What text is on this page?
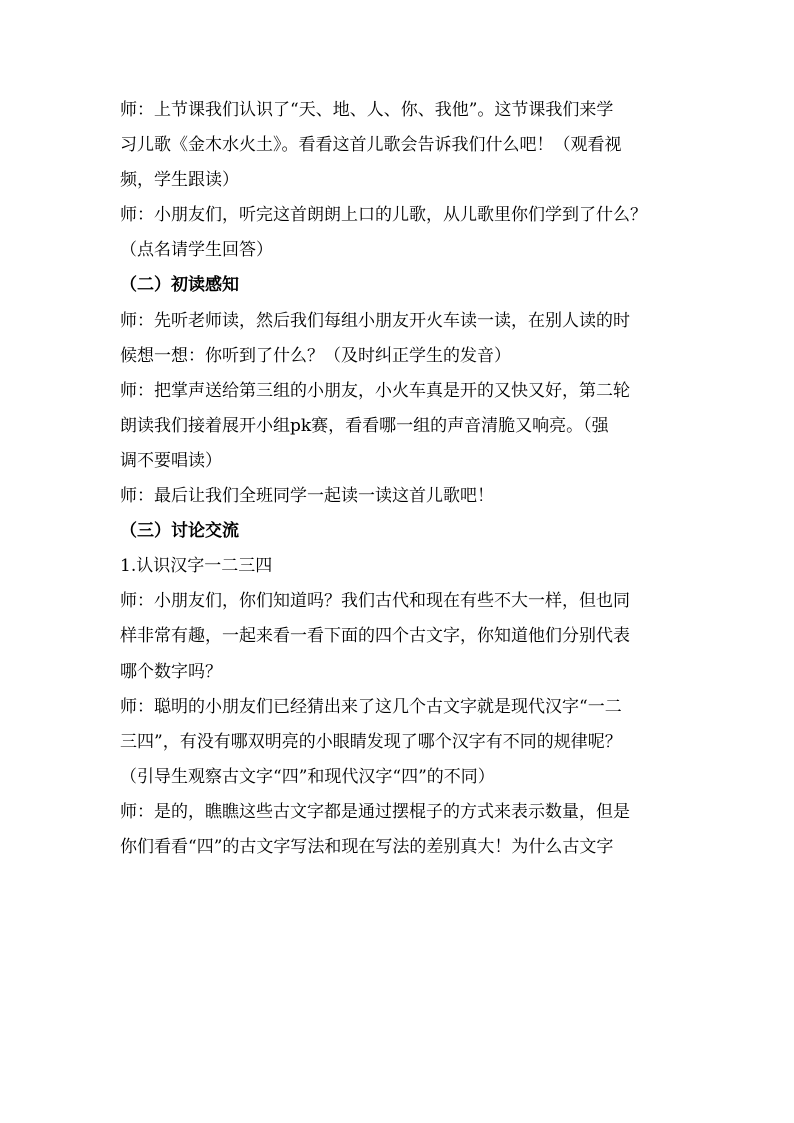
师：上节课我们认识了“天、地、人、你、我他”。这节课我们来学
习儿歌《金木水火土》。看看这首儿歌会告诉我们什么吧！（观看视
频，学生跟读）
师：小朋友们，听完这首朗朗上口的儿歌，从儿歌里你们学到了什么？
（点名请学生回答）
（二）初读感知
师：先听老师读，然后我们每组小朋友开火车读一读，在别人读的时
候想一想：你听到了什么？（及时纠正学生的发音）
师：把掌声送给第三组的小朋友，小火车真是开的又快又好，第二轮
朗读我们接着展开小组pk赛，看看哪一组的声音清脆又响亮。（强
调不要唱读）
师：最后让我们全班同学一起读一读这首儿歌吧！
（三）讨论交流
1.认识汉字一二三四
师：小朋友们，你们知道吗？我们古代和现在有些不大一样，但也同
样非常有趣，一起来看一看下面的四个古文字，你知道他们分别代表
哪个数字吗？
师：聪明的小朋友们已经猜出来了这几个古文字就是现代汉字“一二
三四”，有没有哪双明亮的小眼睛发现了哪个汉字有不同的规律呢？
（引导生观察古文字“四”和现代汉字“四”的不同）
师：是的，瞧瞧这些古文字都是通过摆棍子的方式来表示数量，但是
你们看看“四”的古文字写法和现在写法的差别真大！为什么古文字
